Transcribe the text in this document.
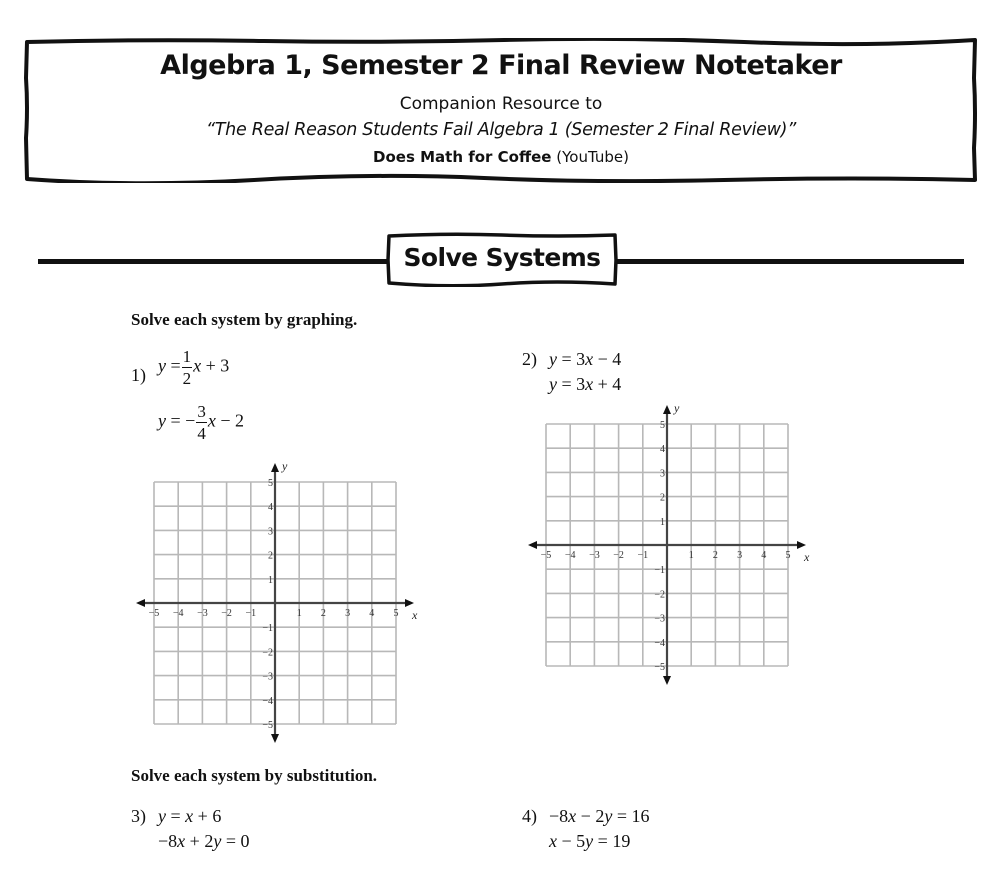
Algebra 1, Semester 2 Final Review Notetaker
Companion Resource to
“The Real Reason Students Fail Algebra 1 (Semester 2 Final Review)”
Does Math for Coffee (YouTube)
Solve Systems
Solve each system by graphing.
1) $y = \frac{1}{2}$ x + 3
y = − $\frac{3}{4}$ x − 2
2) y = 3x − 4
y = 3x + 4
x
y
−5 −4 −3 −2 −1	1 2 3 4 5
5
4
3
2
1
−1
−2
−3
−4
−5
x
y
−5 −4 −3 −2 −1	1 2 3 4 5
5
4
3
2
1
−1
−2
−3
−4
−5
Solve each system by substitution.
3) y = x + 6
−8x + 2y = 0
4) −8x − 2y = 16
x − 5y = 19
